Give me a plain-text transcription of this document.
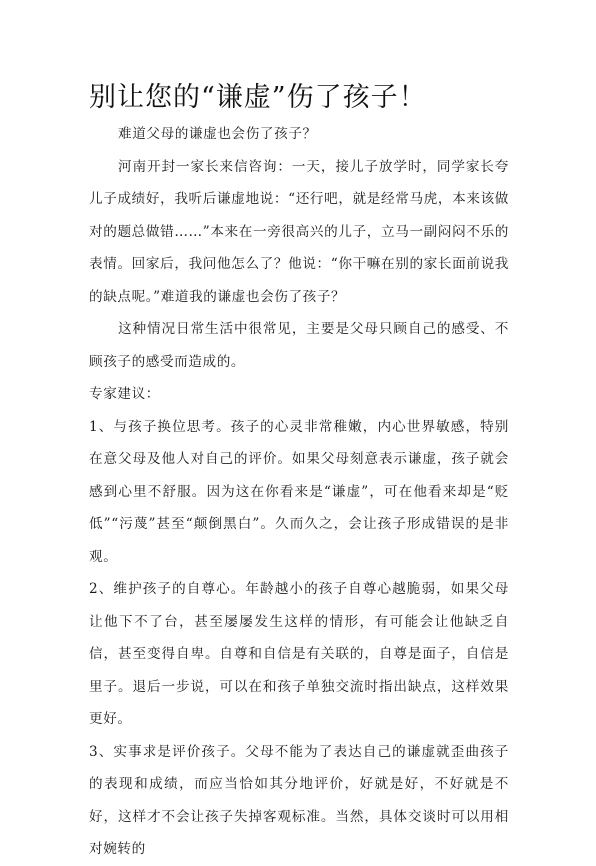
别让您的“谦虚”伤了孩子！

难道父母的谦虚也会伤了孩子？

河南开封一家长来信咨询：一天，接儿子放学时，同学家长夸儿子成绩好，我听后谦虚地说：“还行吧，就是经常马虎，本来该做对的题总做错……”本来在一旁很高兴的儿子，立马一副闷闷不乐的表情。回家后，我问他怎么了？他说：“你干嘛在别的家长面前说我的缺点呢。”难道我的谦虚也会伤了孩子？

这种情况日常生活中很常见，主要是父母只顾自己的感受、不顾孩子的感受而造成的。

专家建议：

1、与孩子换位思考。孩子的心灵非常稚嫩，内心世界敏感，特别在意父母及他人对自己的评价。如果父母刻意表示谦虚，孩子就会感到心里不舒服。因为这在你看来是“谦虚”，可在他看来却是“贬低”“污蔑”甚至“颠倒黑白”。久而久之，会让孩子形成错误的是非观。

2、维护孩子的自尊心。年龄越小的孩子自尊心越脆弱，如果父母让他下不了台，甚至屡屡发生这样的情形，有可能会让他缺乏自信，甚至变得自卑。自尊和自信是有关联的，自尊是面子，自信是里子。退后一步说，可以在和孩子单独交流时指出缺点，这样效果更好。

3、实事求是评价孩子。父母不能为了表达自己的谦虚就歪曲孩子的表现和成绩，而应当恰如其分地评价，好就是好，不好就是不好，这样才不会让孩子失掉客观标准。当然，具体交谈时可以用相对婉转的
